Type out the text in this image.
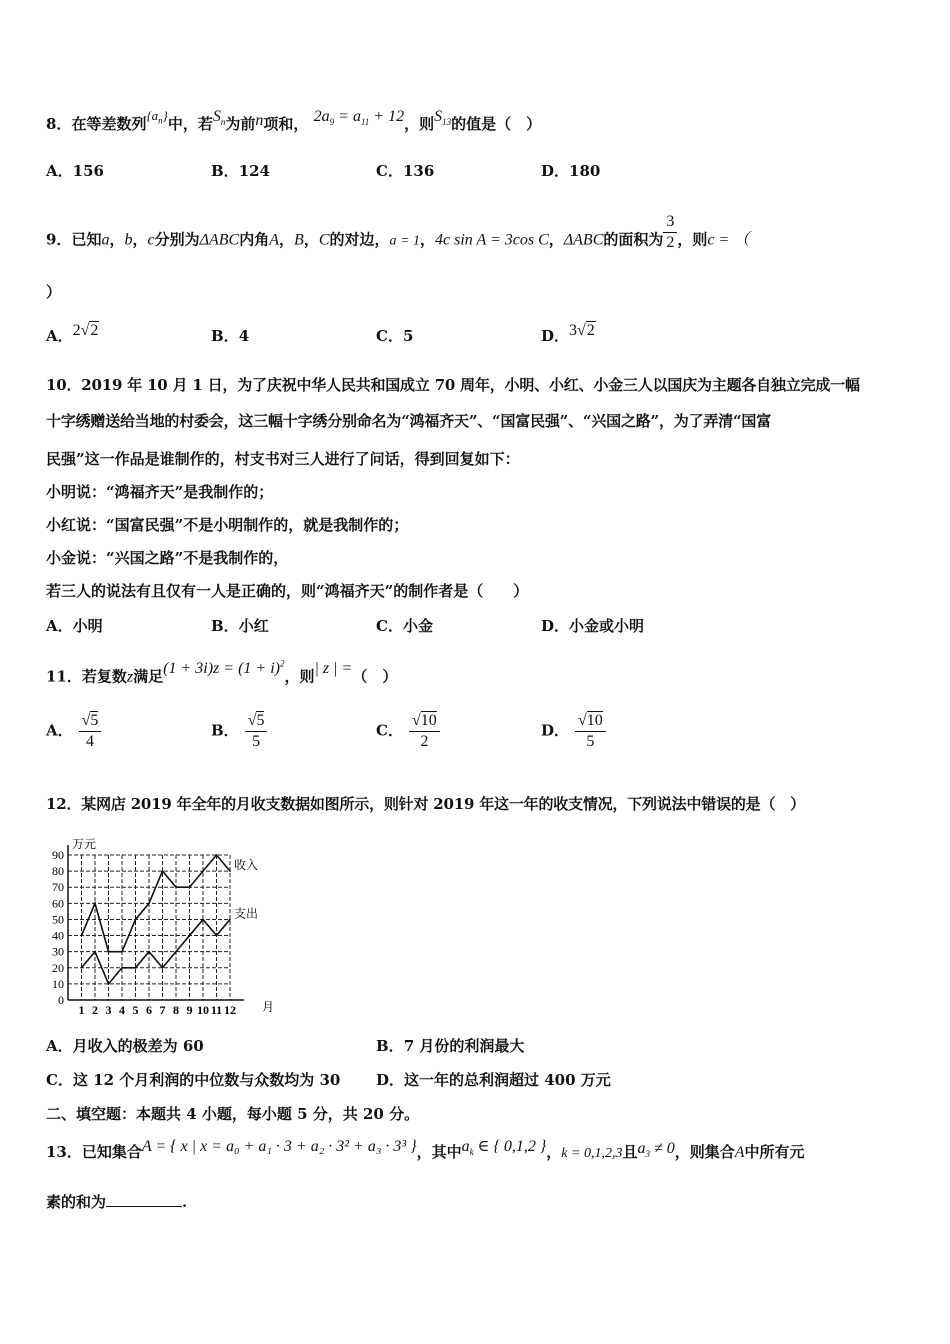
8．在等差数列$\{a_n\}$中，若$S_n$为前n项和， $2a_9 = a_{11} + 12$，则$S_{13}$的值是（　）
A．156	B．124	C．136	D．180
9．已知a，b，c分别为ΔABC内角A，B，C的对边，a = 1，4c sin A = 3cos C，ΔABC的面积为 $\frac{3}{2}$ ，则c = （
）
A．2√2	B．4	C．5	D．3√2
10．2019 年 10 月 1 日，为了庆祝中华人民共和国成立 70 周年，小明、小红、小金三人以国庆为主题各自独立完成一幅
十字绣赠送给当地的村委会，这三幅十字绣分别命名为“鸿福齐天”、“国富民强”、“兴国之路”，为了弄清“国富
民强”这一作品是谁制作的，村支书对三人进行了问话，得到回复如下：
小明说：“鸿福齐天”是我制作的；
小红说：“国富民强”不是小明制作的，就是我制作的；
小金说：“兴国之路”不是我制作的，
若三人的说法有且仅有一人是正确的，则“鸿福齐天”的制作者是（　　）
A．小明	B．小红	C．小金	D．小金或小明
11．若复数z满足$(1 + 3i)z = (1 + i)^2$，则| z | =（　）
A． $\frac{√5}{4}$	B． $\frac{√5}{5}$	C． $\frac{√10}{2}$	D． $\frac{√10}{5}$
12．某网店 2019 年全年的月收支数据如图所示，则针对 2019 年这一年的收支情况，下列说法中错误的是（　）
0
10
20
30
40
50
60
70
80
90
1 2 3 4 5 6 7 8 9 10 11 12
收入
支出
万元
月
A．月收入的极差为 60	B．7 月份的利润最大
C．这 12 个月利润的中位数与众数均为 30 D．这一年的总利润超过 400 万元
二、填空题：本题共 4 小题，每小题 5 分，共 20 分。
13．已知集合A = { x | x = a₀ + a₁ · 3 + a₂ · 3² + a₃ · 3³ }，其中$a_k$ ∈ { 0,1,2 }，k = 0,1,2,3且$a_3 \ne 0$，则集合A中所有元
素的和为	.
